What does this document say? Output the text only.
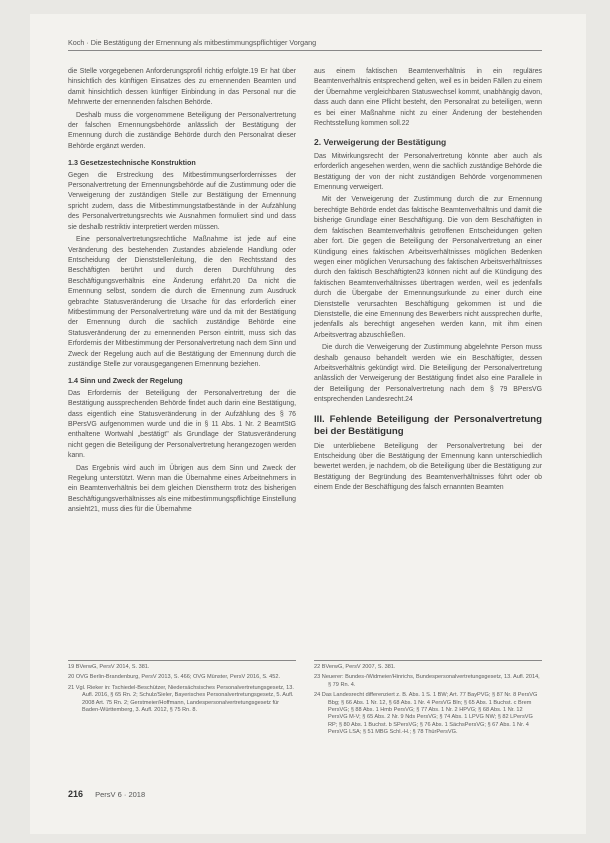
Koch · Die Bestätigung der Ernennung als mitbestimmungspflichtiger Vorgang

die Stelle vorgegebenen Anforderungsprofil richtig erfolgte.19 Er hat über hinsichtlich des künftigen Einsatzes des zu ernennenden Beamten und damit hinsichtlich dessen künftiger Einbindung in das Personal nur die Mehrwerte der ernennenden falschen Behörde.

Deshalb muss die vorgenommene Beteiligung der Personalvertretung der falschen Ernennungsbehörde anlässlich der Bestätigung der Ernennung durch die zuständige Behörde durch den Personalrat dieser Behörde ergänzt werden.

1.3 Gesetzestechnische Konstruktion

Gegen die Erstreckung des Mitbestimmungserfordernisses der Personalvertretung der Ernennungsbehörde auf die Zustimmung oder die Verweigerung der zuständigen Stelle zur Bestätigung der Ernennung spricht zudem, dass die Mitbestimmungstatbestände in der Aufzählung des Personalvertretungsrechts wie Ausnahmen formuliert sind und dass sie deshalb restriktiv interpretiert werden müssen.

Eine personalvertretungsrechtliche Maßnahme ist jede auf eine Veränderung des bestehenden Zustandes abzielende Handlung oder Entscheidung der Dienststellenleitung, die den Rechtsstand des Beschäftigten berührt und durch deren Durchführung des Beschäftigungsverhältnis eine Änderung erfährt.20 Da nicht die Ernennung selbst, sondern die durch die Ernennung zum Ausdruck gebrachte Statusveränderung die Ursache für das erforderlich einer Mitbestimmung der Personalvertretung wäre und da mit der Bestätigung der Ernennung durch die sachlich zuständige Behörde eine Statusveränderung der zu ernennenden Person eintritt, muss sich das Erfordernis der Mitbestimmung der Personalvertretung nach dem Sinn und Zweck der Regelung auch auf die Bestätigung der Ernennung durch die zuständige Stelle zur vorausgegangenen Ernennung beziehen.

1.4 Sinn und Zweck der Regelung

Das Erfordernis der Beteiligung der Personalvertretung der die Bestätigung aussprechenden Behörde findet auch darin eine Bestätigung, dass eigentlich eine Statusveränderung in der Aufzählung des § 76 BPersVG aufgenommen wurde und die in § 11 Abs. 1 Nr. 2 BeamtStG enthaltene Wortwahl „bestätigt" als Grundlage der Statusveränderung nicht gegen die Beteiligung der Personalvertretung herangezogen werden kann.

Das Ergebnis wird auch im Übrigen aus dem Sinn und Zweck der Regelung unterstützt. Wenn man die Übernahme eines Arbeitnehmers in ein Beamtenverhältnis bei dem gleichen Dienstherrn trotz des bisherigen Beschäftigungsverhältnisses als eine mitbestimmungspflichtige Einstellung ansieht21, muss dies für die Übernahme

aus einem faktischen Beamtenverhältnis in ein reguläres Beamtenverhältnis entsprechend gelten, weil es in beiden Fällen zu einem der Übernahme vergleichbaren Statuswechsel kommt, unabhängig davon, dass auch dann eine Pflicht besteht, den Personalrat zu beteiligen, wenn es bei einer Maßnahme nicht zu einer Änderung der bestehenden Rechtsstellung kommen soll.22

2. Verweigerung der Bestätigung

Das Mitwirkungsrecht der Personalvertretung könnte aber auch als erforderlich angesehen werden, wenn die sachlich zuständige Behörde die Bestätigung der von der nicht zuständigen Behörde vorgenommenen Ernennung verweigert.

Mit der Verweigerung der Zustimmung durch die zur Ernennung berechtigte Behörde endet das faktische Beamtenverhältnis und damit die bisherige Grundlage einer Beschäftigung. Die von dem Beschäftigten in dem faktischen Beamtenverhältnis getroffenen Entscheidungen gelten aber fort. Die gegen die Beteiligung der Personalvertretung an einer Kündigung eines faktischen Arbeitsverhältnisses möglichen Bedenken wegen einer möglichen Verursachung des faktischen Arbeitsverhältnisses durch den faktisch Beschäftigten23 können nicht auf die Kündigung des faktischen Beamtenverhältnisses übertragen werden, weil es jedenfalls durch die Übergabe der Ernennungsurkunde zu einer durch eine Dienststelle verursachten Beschäftigung gekommen ist und die Dienststelle, die eine Ernennung des Bewerbers nicht aussprechen durfte, jedenfalls als berechtigt angesehen werden kann, mit ihm einen Arbeitsvertrag abzuschließen.

Die durch die Verweigerung der Zustimmung abgelehnte Person muss deshalb genauso behandelt werden wie ein Beschäftigter, dessen Arbeitsverhältnis gekündigt wird. Die Beteiligung der Personalvertretung anlässlich der Verweigerung der Bestätigung findet also eine Parallele in der Beteiligung der Personalvertretung nach dem § 79 BPersVG entsprechenden Landesrecht.24

III. Fehlende Beteiligung der Personalvertretung bei der Bestätigung

Die unterbliebene Beteiligung der Personalvertretung bei der Entscheidung über die Bestätigung der Ernennung kann unterschiedlich bewertet werden, je nachdem, ob die Beteiligung über die Bestätigung zur Bestätigung der Begründung des Beamtenverhältnisses führt oder ob einem Ende der Beschäftigung des falsch ernannten Beamten

19 BVerwG, PersV 2014, S. 381.
20 OVG Berlin-Brandenburg, PersV 2013, S. 466; OVG Münster, PersV 2016, S. 452.
21 Vgl. Rieker in: Tschiedel-Beschützer, Niedersächsisches Personalvertretungsgesetz, 13. Aufl. 2016, § 65 Rn. 2; Schulz/Sieler, Bayerisches Personalvertretungsgesetz, 5. Aufl. 2008 Art. 75 Rn. 2; Gerstmeier/Hoffmann, Landespersonalvertretungsgesetz für Baden-Württemberg, 3. Aufl. 2012, § 75 Rn. 8.
22 BVerwG, PersV 2007, S. 381.
23 Neuerer: Bundes-/Widmeier/Hinrichs, Bundespersonalvertretungsgesetz, 13. Aufl. 2014, § 79 Rn. 4.
24 Das Landesrecht differenziert z. B. Abs. 1 S. 1 BW; Art. 77 BayPVG; § 87 Nr. 8 PersVG Bbg; § 66 Abs. 1 Nr. 12, § 68 Abs. 1 Nr. 4 PersVG Bln; § 65 Abs. 1 Buchst. c Brem PersVG; § 88 Abs. 1 Hmb PersVG; § 77 Abs. 1 Nr. 2 HPVG; § 68 Abs. 1 Nr. 12 PersVG M-V; § 65 Abs. 2 Nr. 9 Nds PersVG; § 74 Abs. 1 LPVG NW; § 82 LPersVG RP; § 80 Abs. 1 Buchst. b SPersVG; § 76 Abs. 1 SächsPersVG; § 67 Abs. 1 Nr. 4 PersVG LSA; § 51 MBG Schl.-H.; § 78 ThürPersVG.
216 PersV 6 · 2018
